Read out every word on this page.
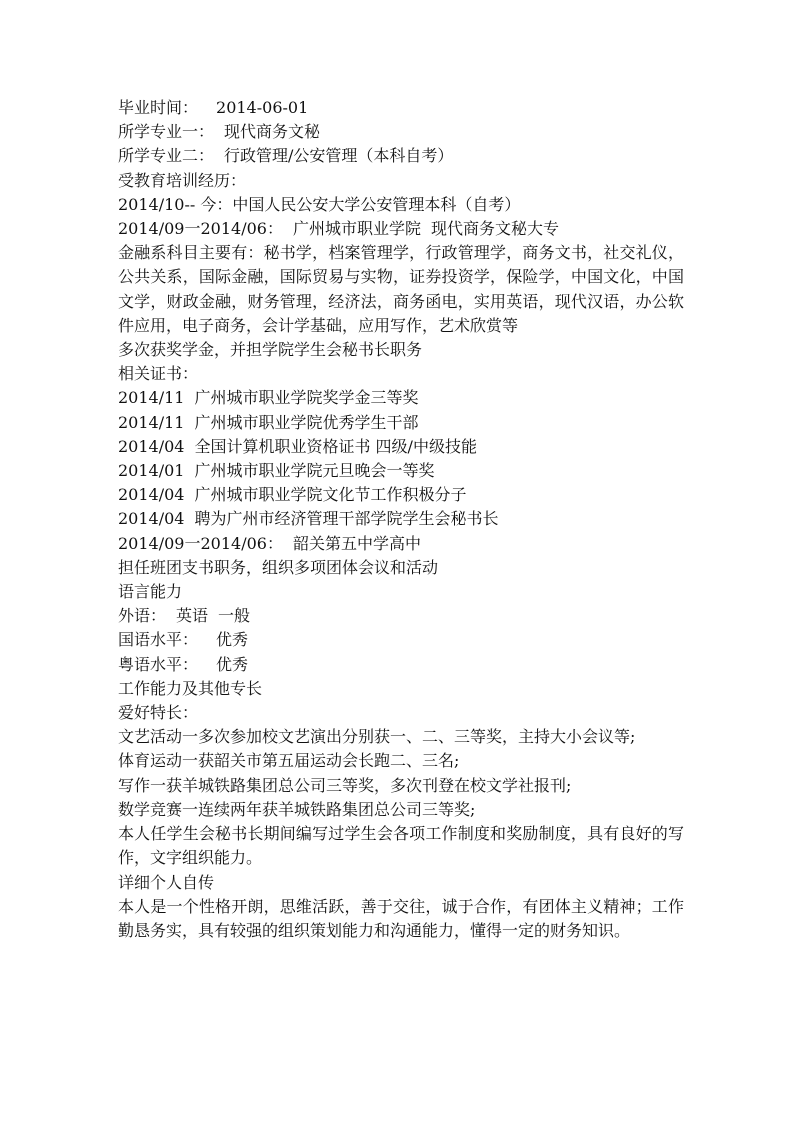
毕业时间： 2014-06-01
所学专业一： 现代商务文秘
所学专业二： 行政管理/公安管理（本科自考）
受教育培训经历：
2014/10-- 今：中国人民公安大学公安管理本科（自考）
2014/09一2014/06： 广州城市职业学院 现代商务文秘大专
金融系科目主要有：秘书学，档案管理学，行政管理学，商务文书，社交礼仪，公共关系，国际金融，国际贸易与实物，证券投资学，保险学，中国文化，中国文学，财政金融，财务管理，经济法，商务函电，实用英语，现代汉语，办公软件应用，电子商务，会计学基础，应用写作，艺术欣赏等
多次获奖学金，并担学院学生会秘书长职务
相关证书：
2014/11 广州城市职业学院奖学金三等奖
2014/11 广州城市职业学院优秀学生干部
2014/04 全国计算机职业资格证书 四级/中级技能
2014/01 广州城市职业学院元旦晚会一等奖
2014/04 广州城市职业学院文化节工作积极分子
2014/04 聘为广州市经济管理干部学院学生会秘书长
2014/09一2014/06： 韶关第五中学高中
担任班团支书职务，组织多项团体会议和活动
语言能力
外语： 英语 一般
国语水平： 优秀
粤语水平： 优秀
工作能力及其他专长
爱好特长：
文艺活动一多次参加校文艺演出分别获一、二、三等奖，主持大小会议等;
体育运动一获韶关市第五届运动会长跑二、三名;
写作一获羊城铁路集团总公司三等奖，多次刊登在校文学社报刊;
数学竞赛一连续两年获羊城铁路集团总公司三等奖;
本人任学生会秘书长期间编写过学生会各项工作制度和奖励制度，具有良好的写作，文字组织能力。
详细个人自传
本人是一个性格开朗，思维活跃，善于交往，诚于合作，有团体主义精神；工作勤恳务实，具有较强的组织策划能力和沟通能力，懂得一定的财务知识。
